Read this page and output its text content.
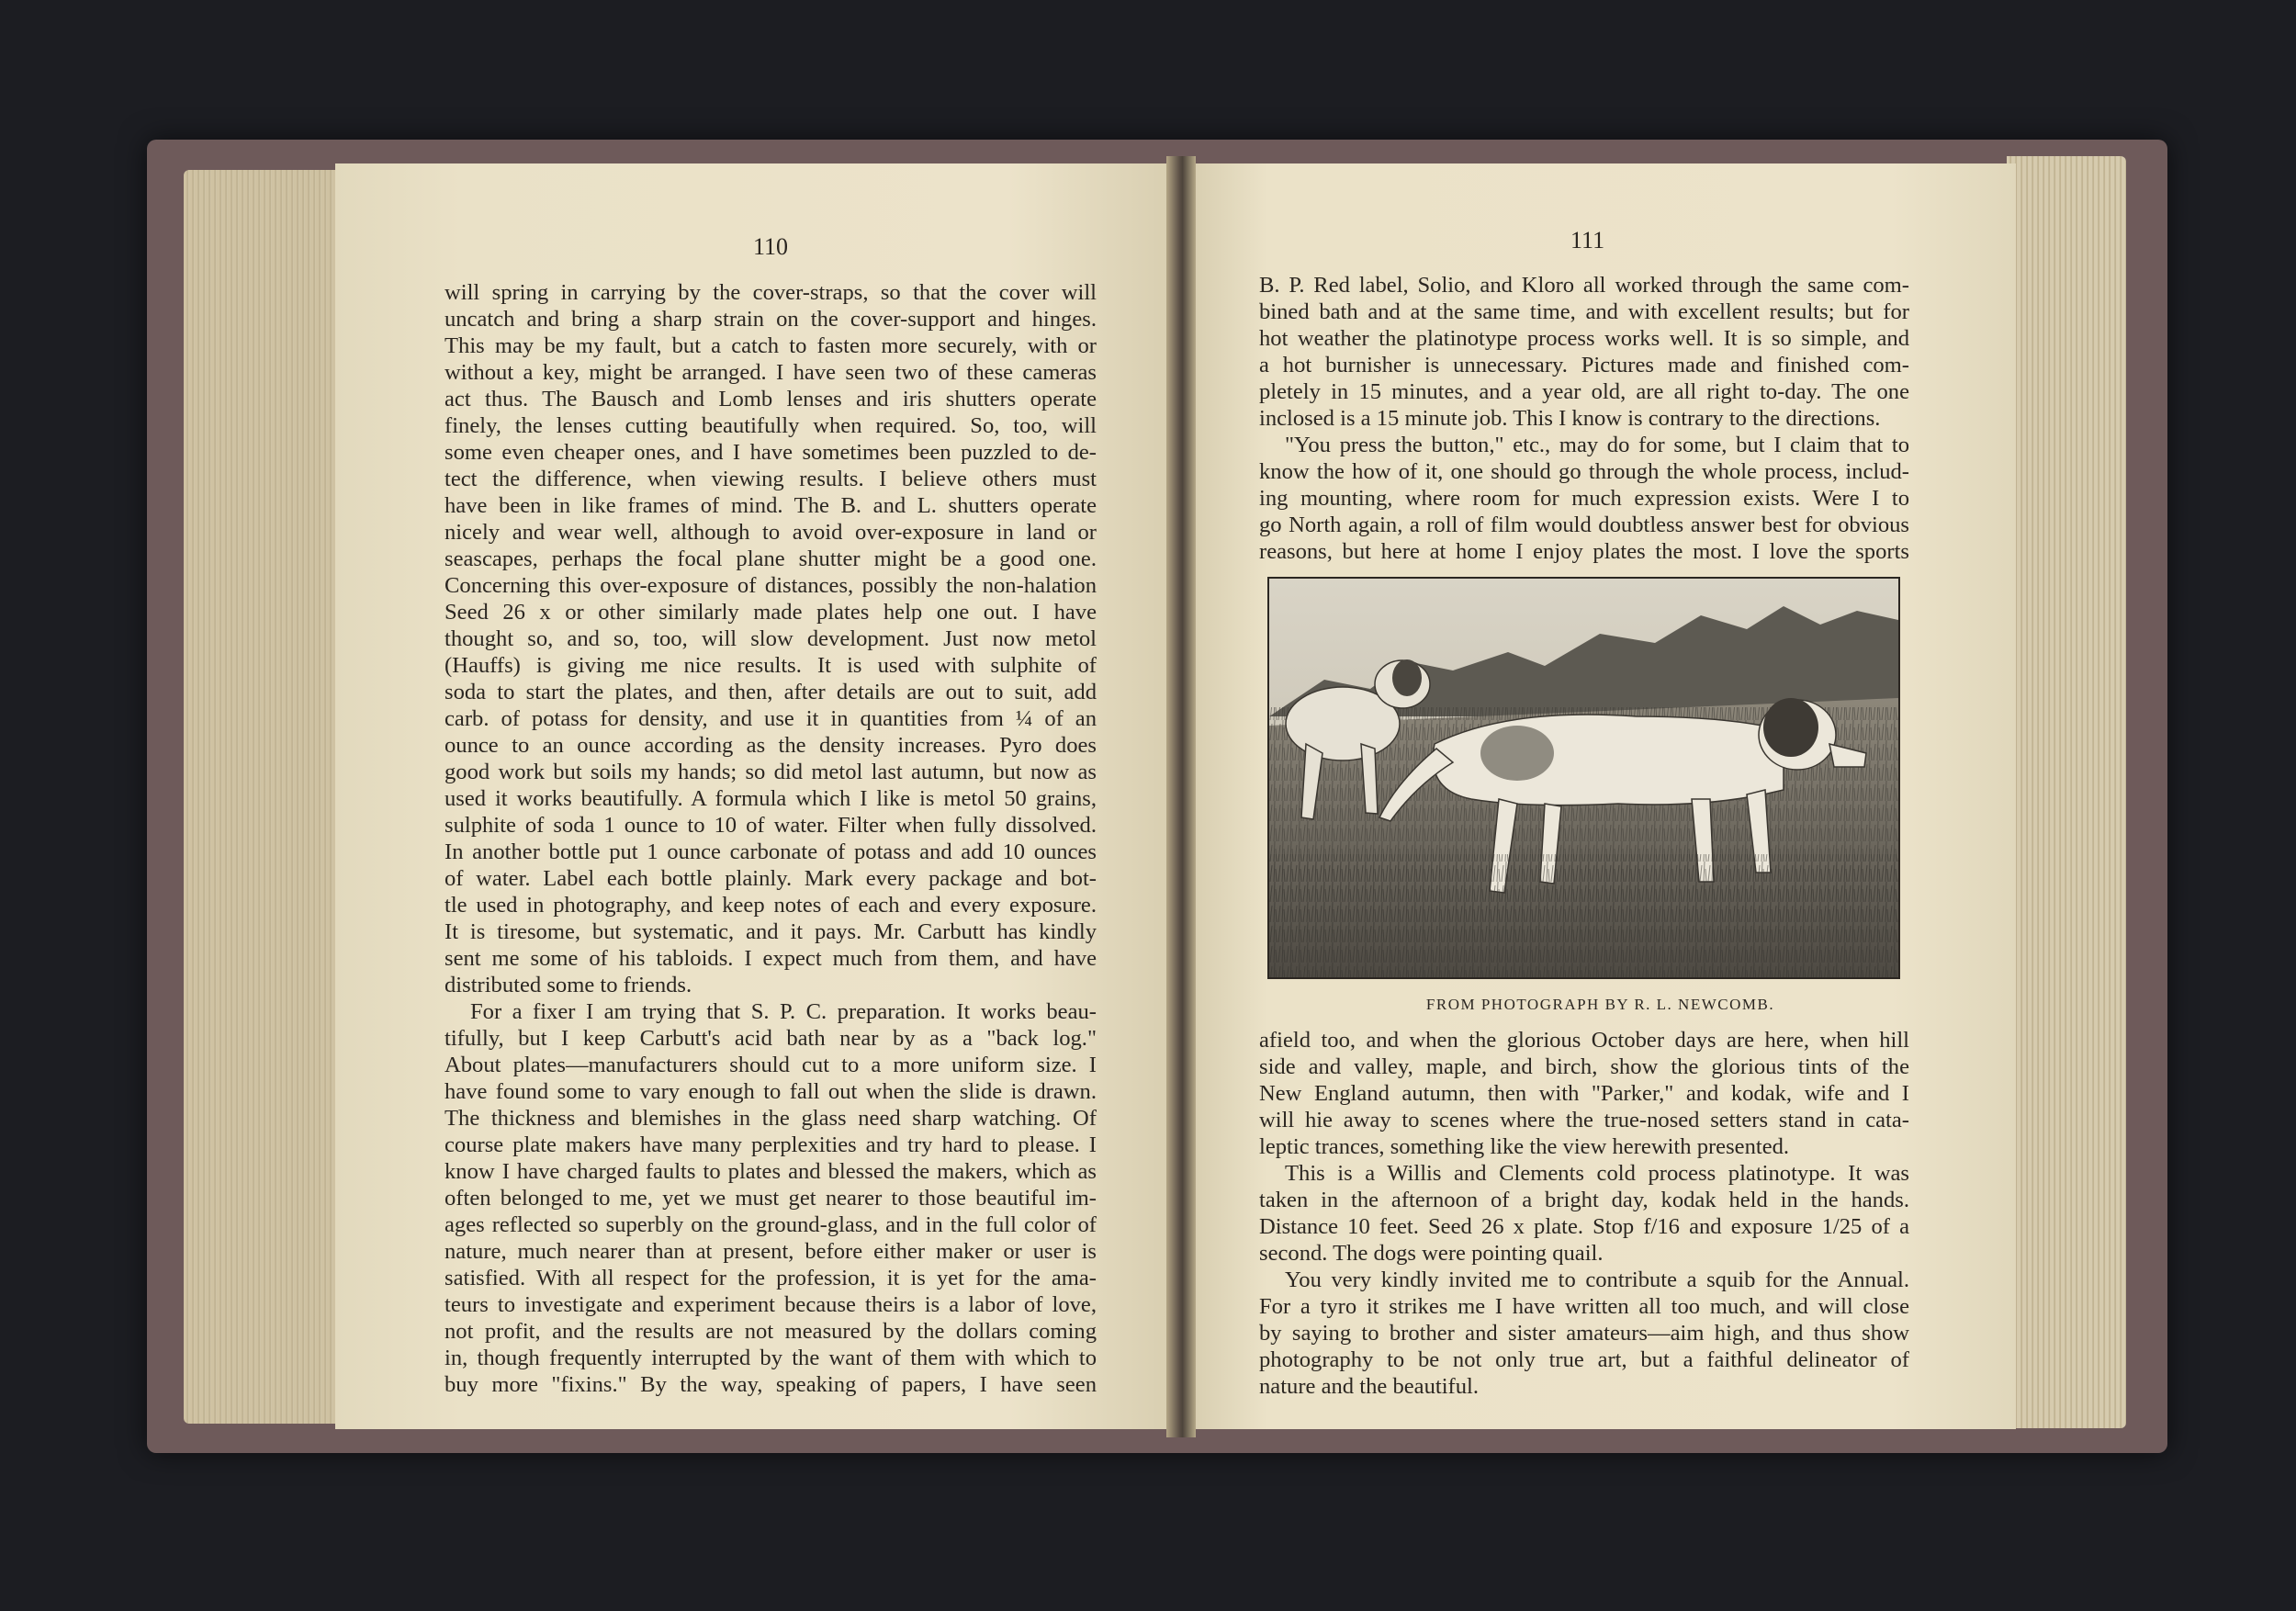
110	111
will spring in carrying by the cover-straps, so that the cover will
uncatch and bring a sharp strain on the cover-support and hinges.
This may be my fault, but a catch to fasten more securely, with or
without a key, might be arranged. I have seen two of these cameras
act thus. The Bausch and Lomb lenses and iris shutters operate
finely, the lenses cutting beautifully when required. So, too, will
some even cheaper ones, and I have sometimes been puzzled to de-
tect the difference, when viewing results. I believe others must
have been in like frames of mind. The B. and L. shutters operate
nicely and wear well, although to avoid over-exposure in land or
seascapes, perhaps the focal plane shutter might be a good one.
Concerning this over-exposure of distances, possibly the non-halation
Seed 26 x or other similarly made plates help one out. I have
thought so, and so, too, will slow development. Just now metol
(Hauffs) is giving me nice results. It is used with sulphite of
soda to start the plates, and then, after details are out to suit, add
carb. of potass for density, and use it in quantities from ¼ of an
ounce to an ounce according as the density increases. Pyro does
good work but soils my hands; so did metol last autumn, but now as
used it works beautifully. A formula which I like is metol 50 grains,
sulphite of soda 1 ounce to 10 of water. Filter when fully dissolved.
In another bottle put 1 ounce carbonate of potass and add 10 ounces
of water. Label each bottle plainly. Mark every package and bot-
tle used in photography, and keep notes of each and every exposure.
It is tiresome, but systematic, and it pays. Mr. Carbutt has kindly
sent me some of his tabloids. I expect much from them, and have
distributed some to friends.
For a fixer I am trying that S. P. C. preparation. It works beau-
tifully, but I keep Carbutt's acid bath near by as a "back log."
About plates—manufacturers should cut to a more uniform size. I
have found some to vary enough to fall out when the slide is drawn.
The thickness and blemishes in the glass need sharp watching. Of
course plate makers have many perplexities and try hard to please. I
know I have charged faults to plates and blessed the makers, which as
often belonged to me, yet we must get nearer to those beautiful im-
ages reflected so superbly on the ground-glass, and in the full color of
nature, much nearer than at present, before either maker or user is
satisfied. With all respect for the profession, it is yet for the ama-
teurs to investigate and experiment because theirs is a labor of love,
not profit, and the results are not measured by the dollars coming
in, though frequently interrupted by the want of them with which to
buy more "fixins." By the way, speaking of papers, I have seen
B. P. Red label, Solio, and Kloro all worked through the same com-
bined bath and at the same time, and with excellent results; but for
hot weather the platinotype process works well. It is so simple, and
a hot burnisher is unnecessary. Pictures made and finished com-
pletely in 15 minutes, and a year old, are all right to-day. The one
inclosed is a 15 minute job. This I know is contrary to the directions.
"You press the button," etc., may do for some, but I claim that to
know the how of it, one should go through the whole process, includ-
ing mounting, where room for much expression exists. Were I to
go North again, a roll of film would doubtless answer best for obvious
reasons, but here at home I enjoy plates the most. I love the sports
FROM PHOTOGRAPH BY R. L. NEWCOMB.
afield too, and when the glorious October days are here, when hill
side and valley, maple, and birch, show the glorious tints of the
New England autumn, then with "Parker," and kodak, wife and I
will hie away to scenes where the true-nosed setters stand in cata-
leptic trances, something like the view herewith presented.
This is a Willis and Clements cold process platinotype. It was
taken in the afternoon of a bright day, kodak held in the hands.
Distance 10 feet. Seed 26 x plate. Stop f/16 and exposure 1/25 of a
second. The dogs were pointing quail.
You very kindly invited me to contribute a squib for the Annual.
For a tyro it strikes me I have written all too much, and will close
by saying to brother and sister amateurs—aim high, and thus show
photography to be not only true art, but a faithful delineator of
nature and the beautiful.
